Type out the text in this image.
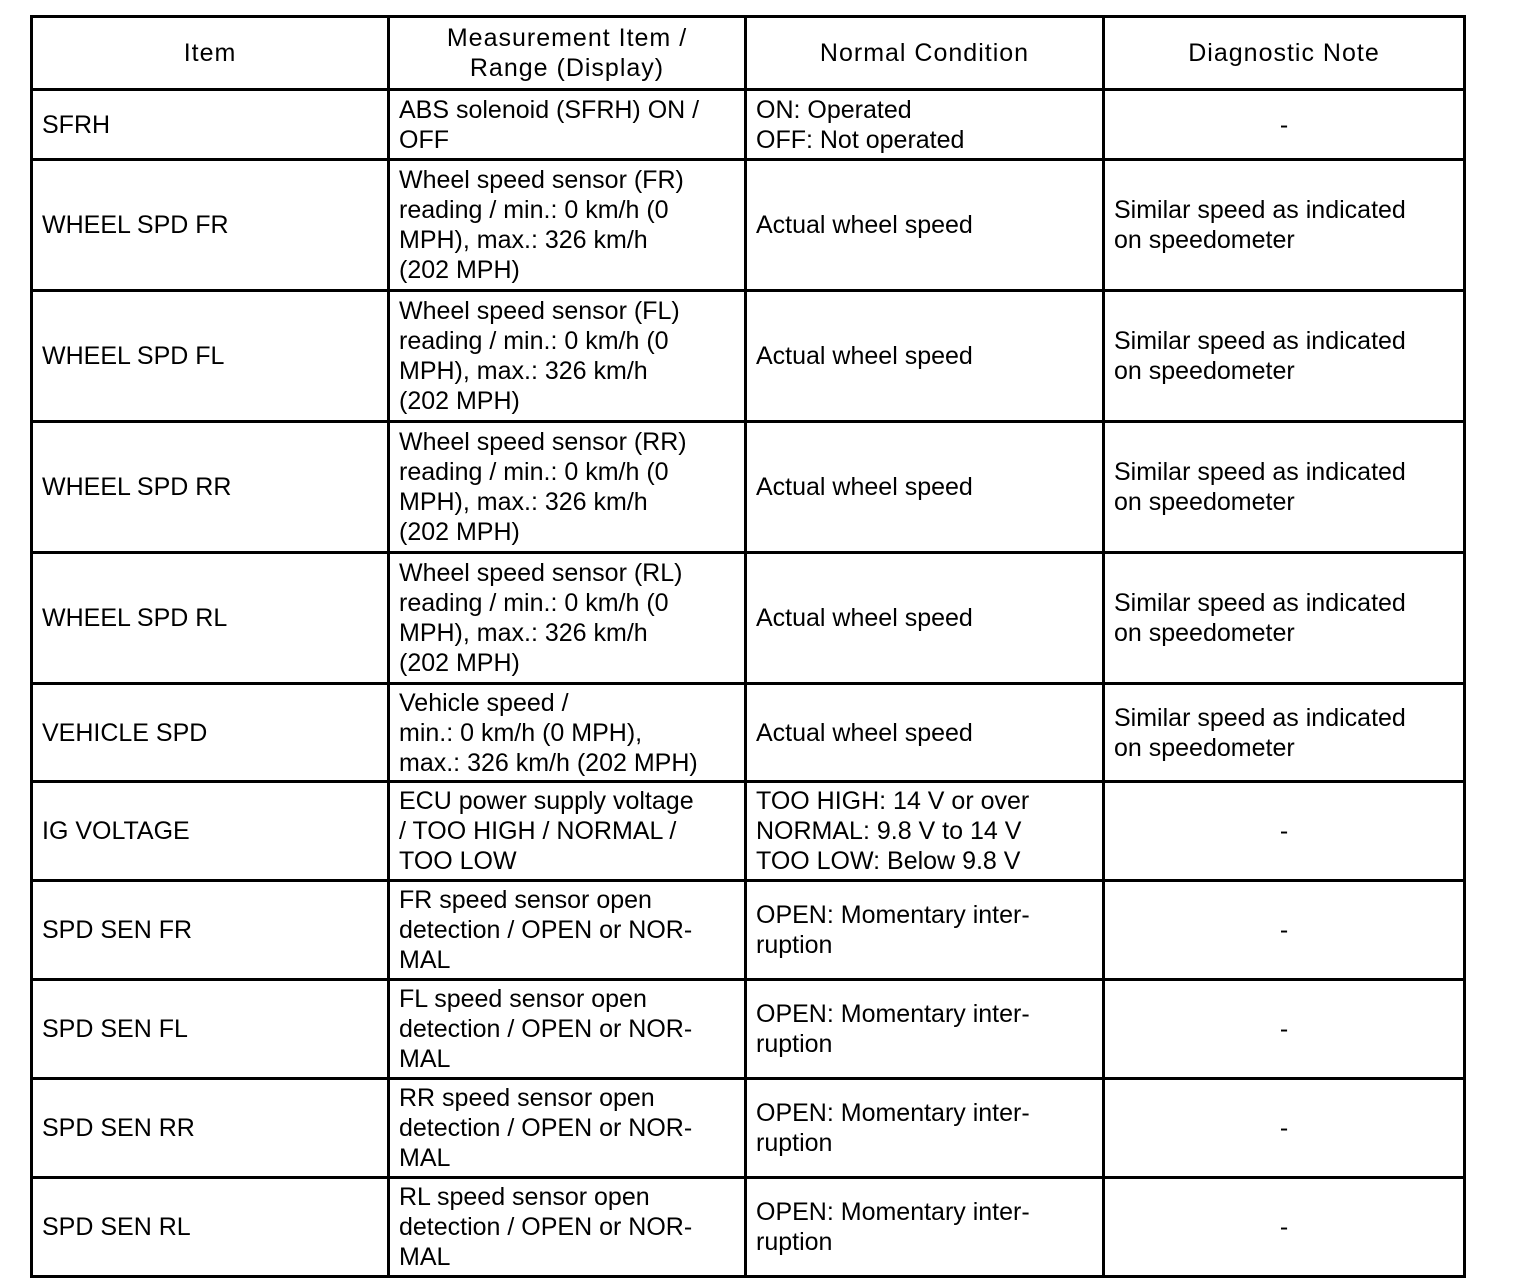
Item	Measurement Item /
Range (Display)	Normal Condition	Diagnostic Note
SFRH	ABS solenoid (SFRH) ON /
OFF	ON: Operated
OFF: Not operated	-
WHEEL SPD FR	Wheel speed sensor (FR)
reading / min.: 0 km/h (0
MPH), max.: 326 km/h
(202 MPH)	Actual wheel speed	Similar speed as indicated
on speedometer
WHEEL SPD FL	Wheel speed sensor (FL)
reading / min.: 0 km/h (0
MPH), max.: 326 km/h
(202 MPH)	Actual wheel speed	Similar speed as indicated
on speedometer
WHEEL SPD RR	Wheel speed sensor (RR)
reading / min.: 0 km/h (0
MPH), max.: 326 km/h
(202 MPH)	Actual wheel speed	Similar speed as indicated
on speedometer
WHEEL SPD RL	Wheel speed sensor (RL)
reading / min.: 0 km/h (0
MPH), max.: 326 km/h
(202 MPH)	Actual wheel speed	Similar speed as indicated
on speedometer
VEHICLE SPD	Vehicle speed /
min.: 0 km/h (0 MPH),
max.: 326 km/h (202 MPH)	Actual wheel speed	Similar speed as indicated
on speedometer
IG VOLTAGE	ECU power supply voltage
/ TOO HIGH / NORMAL /
TOO LOW	TOO HIGH: 14 V or over
NORMAL: 9.8 V to 14 V
TOO LOW: Below 9.8 V	-
SPD SEN FR	FR speed sensor open
detection / OPEN or NOR-
MAL	OPEN: Momentary inter-
ruption	-
SPD SEN FL	FL speed sensor open
detection / OPEN or NOR-
MAL	OPEN: Momentary inter-
ruption	-
SPD SEN RR	RR speed sensor open
detection / OPEN or NOR-
MAL	OPEN: Momentary inter-
ruption	-
SPD SEN RL	RL speed sensor open
detection / OPEN or NOR-
MAL	OPEN: Momentary inter-
ruption	-
